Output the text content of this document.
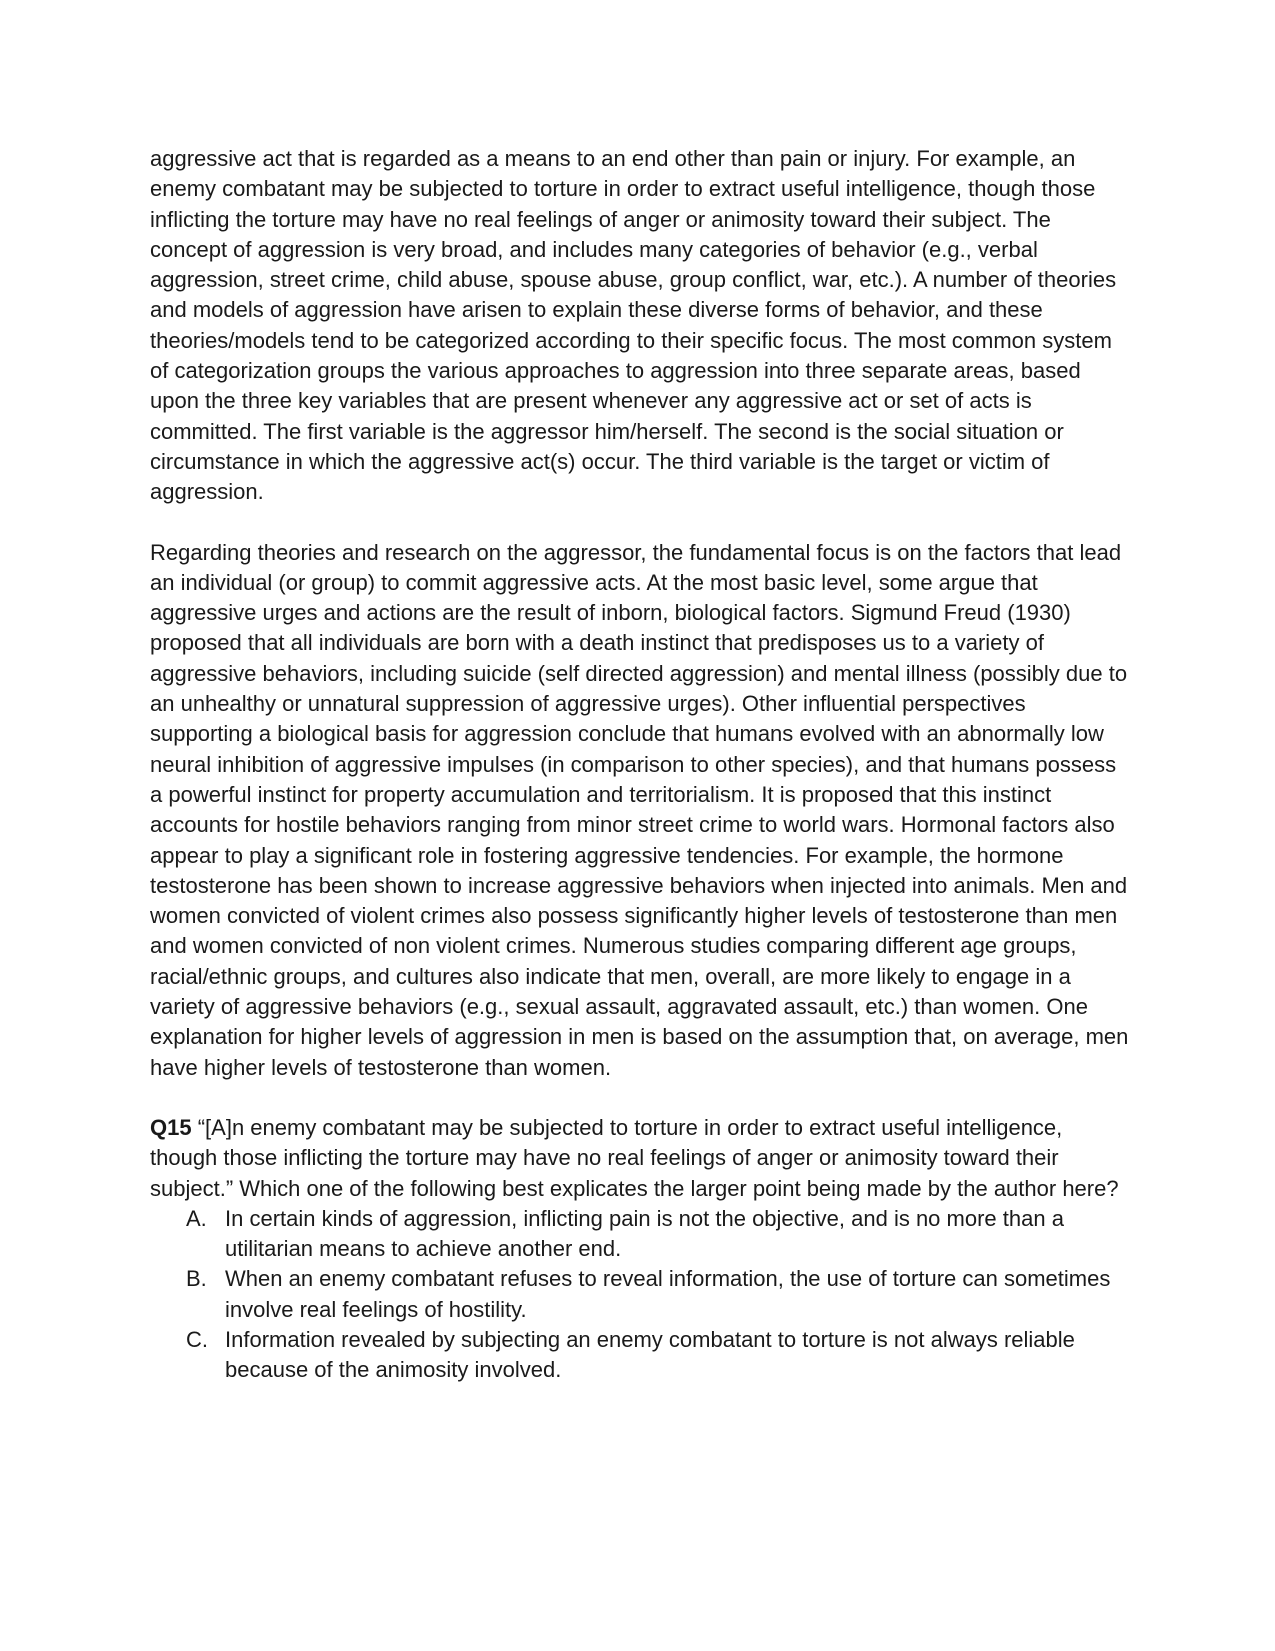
aggressive act that is regarded as a means to an end other than pain or injury. For example, an enemy combatant may be subjected to torture in order to extract useful intelligence, though those inflicting the torture may have no real feelings of anger or animosity toward their subject. The concept of aggression is very broad, and includes many categories of behavior (e.g., verbal aggression, street crime, child abuse, spouse abuse, group conflict, war, etc.). A number of theories and models of aggression have arisen to explain these diverse forms of behavior, and these theories/models tend to be categorized according to their specific focus. The most common system of categorization groups the various approaches to aggression into three separate areas, based upon the three key variables that are present whenever any aggressive act or set of acts is committed. The first variable is the aggressor him/herself. The second is the social situation or circumstance in which the aggressive act(s) occur. The third variable is the target or victim of aggression.

Regarding theories and research on the aggressor, the fundamental focus is on the factors that lead an individual (or group) to commit aggressive acts. At the most basic level, some argue that aggressive urges and actions are the result of inborn, biological factors. Sigmund Freud (1930) proposed that all individuals are born with a death instinct that predisposes us to a variety of aggressive behaviors, including suicide (self directed aggression) and mental illness (possibly due to an unhealthy or unnatural suppression of aggressive urges). Other influential perspectives supporting a biological basis for aggression conclude that humans evolved with an abnormally low neural inhibition of aggressive impulses (in comparison to other species), and that humans possess a powerful instinct for property accumulation and territorialism. It is proposed that this instinct accounts for hostile behaviors ranging from minor street crime to world wars. Hormonal factors also appear to play a significant role in fostering aggressive tendencies. For example, the hormone testosterone has been shown to increase aggressive behaviors when injected into animals. Men and women convicted of violent crimes also possess significantly higher levels of testosterone than men and women convicted of non violent crimes. Numerous studies comparing different age groups, racial/ethnic groups, and cultures also indicate that men, overall, are more likely to engage in a variety of aggressive behaviors (e.g., sexual assault, aggravated assault, etc.) than women. One explanation for higher levels of aggression in men is based on the assumption that, on average, men have higher levels of testosterone than women.

Q15 “[A]n enemy combatant may be subjected to torture in order to extract useful intelligence, though those inflicting the torture may have no real feelings of anger or animosity toward their subject.” Which one of the following best explicates the larger point being made by the author here?

A. In certain kinds of aggression, inflicting pain is not the objective, and is no more than a utilitarian means to achieve another end.
B. When an enemy combatant refuses to reveal information, the use of torture can sometimes involve real feelings of hostility.
C. Information revealed by subjecting an enemy combatant to torture is not always reliable because of the animosity involved.
